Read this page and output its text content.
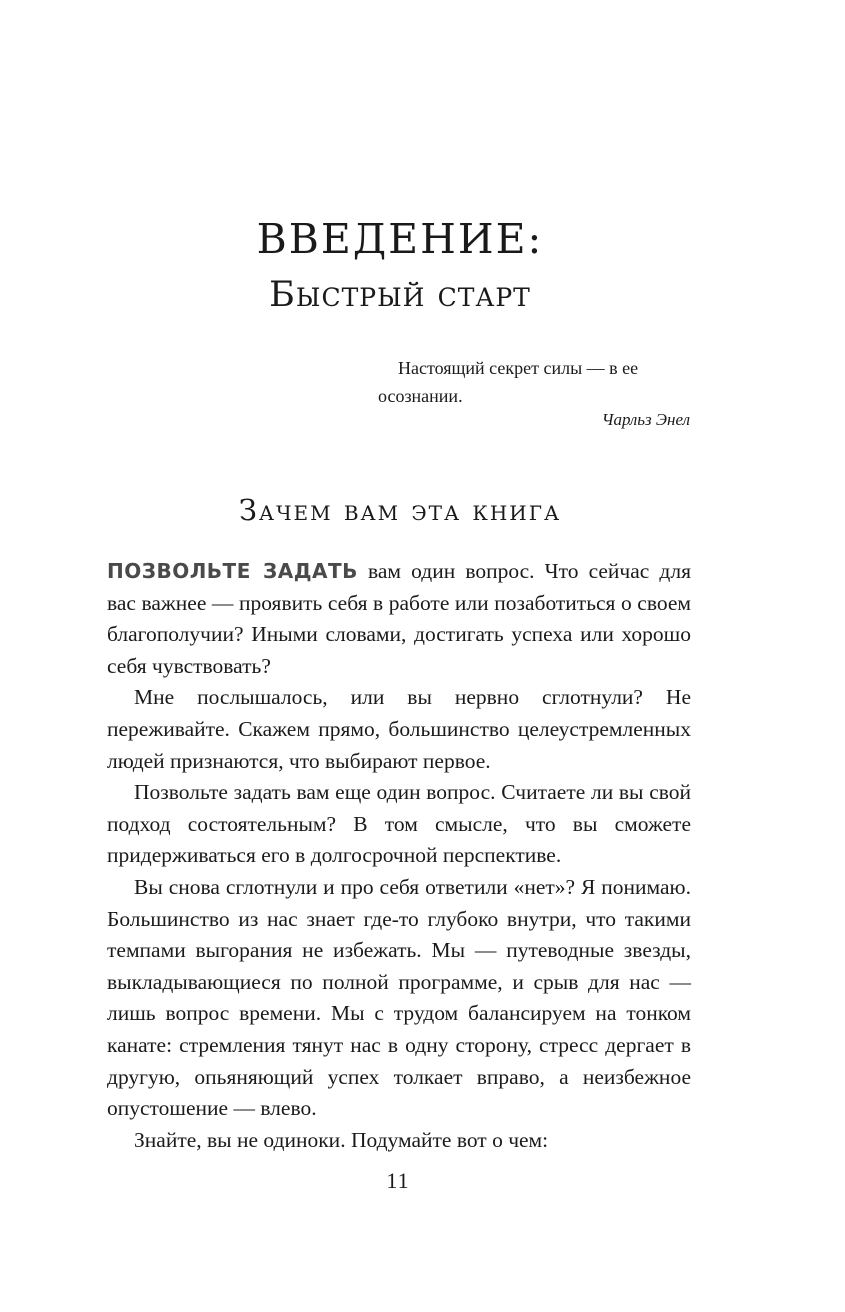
ВВЕДЕНИЕ:
Быстрый старт

Настоящий секрет силы — в ее осознании.

Чарльз Энел
Зачем вам эта книга

ПОЗВОЛЬТЕ ЗАДАТЬ вам один вопрос. Что сейчас для вас важнее — проявить себя в работе или позаботиться о своем благополучии? Иными словами, достигать успеха или хорошо себя чувствовать?

Мне послышалось, или вы нервно сглотнули? Не переживайте. Скажем прямо, большинство целеустремленных людей признаются, что выбирают первое.

Позвольте задать вам еще один вопрос. Считаете ли вы свой подход состоятельным? В том смысле, что вы сможете придерживаться его в долгосрочной перспективе.

Вы снова сглотнули и про себя ответили «нет»? Я понимаю. Большинство из нас знает где-то глубоко внутри, что такими темпами выгорания не избежать. Мы — путеводные звезды, выкладывающиеся по полной программе, и срыв для нас — лишь вопрос времени. Мы с трудом балансируем на тонком канате: стремления тянут нас в одну сторону, стресс дергает в другую, опьяняющий успех толкает вправо, а неизбежное опустошение — влево.

Знайте, вы не одиноки. Подумайте вот о чем:

11
